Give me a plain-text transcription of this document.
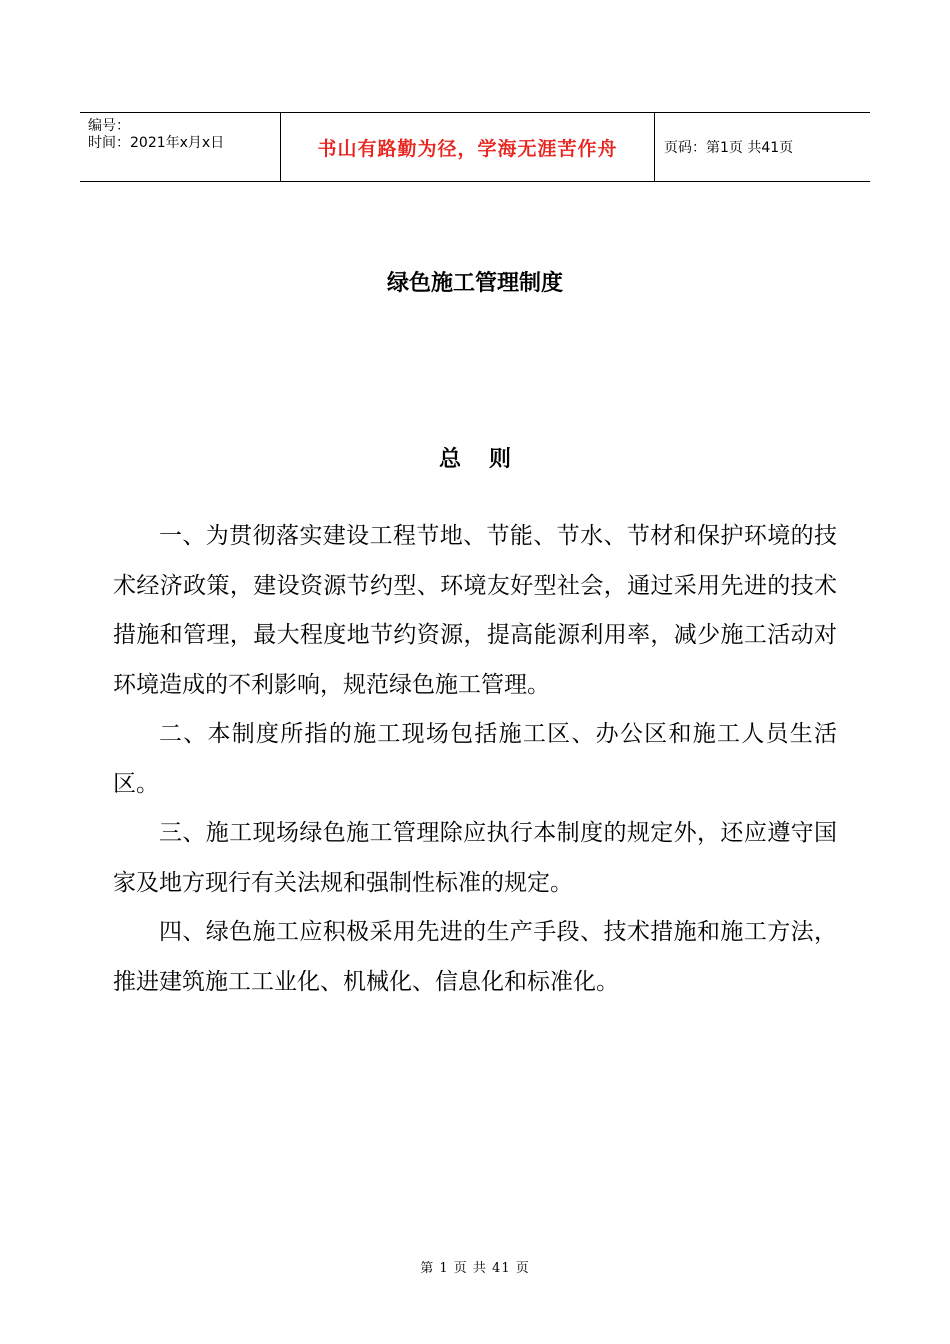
编号：
时间：2021年x月x日	书山有路勤为径，学海无涯苦作舟	页码：第1页 共41页
绿色施工管理制度
总 则

一、为贯彻落实建设工程节地、节能、节水、节材和保护环境的技术经济政策，建设资源节约型、环境友好型社会，通过采用先进的技术措施和管理，最大程度地节约资源，提高能源利用率，减少施工活动对环境造成的不利影响，规范绿色施工管理。

二、本制度所指的施工现场包括施工区、办公区和施工人员生活区。

三、施工现场绿色施工管理除应执行本制度的规定外，还应遵守国家及地方现行有关法规和强制性标准的规定。

四、绿色施工应积极采用先进的生产手段、技术措施和施工方法，推进建筑施工工业化、机械化、信息化和标准化。

第 1 页 共 41 页
